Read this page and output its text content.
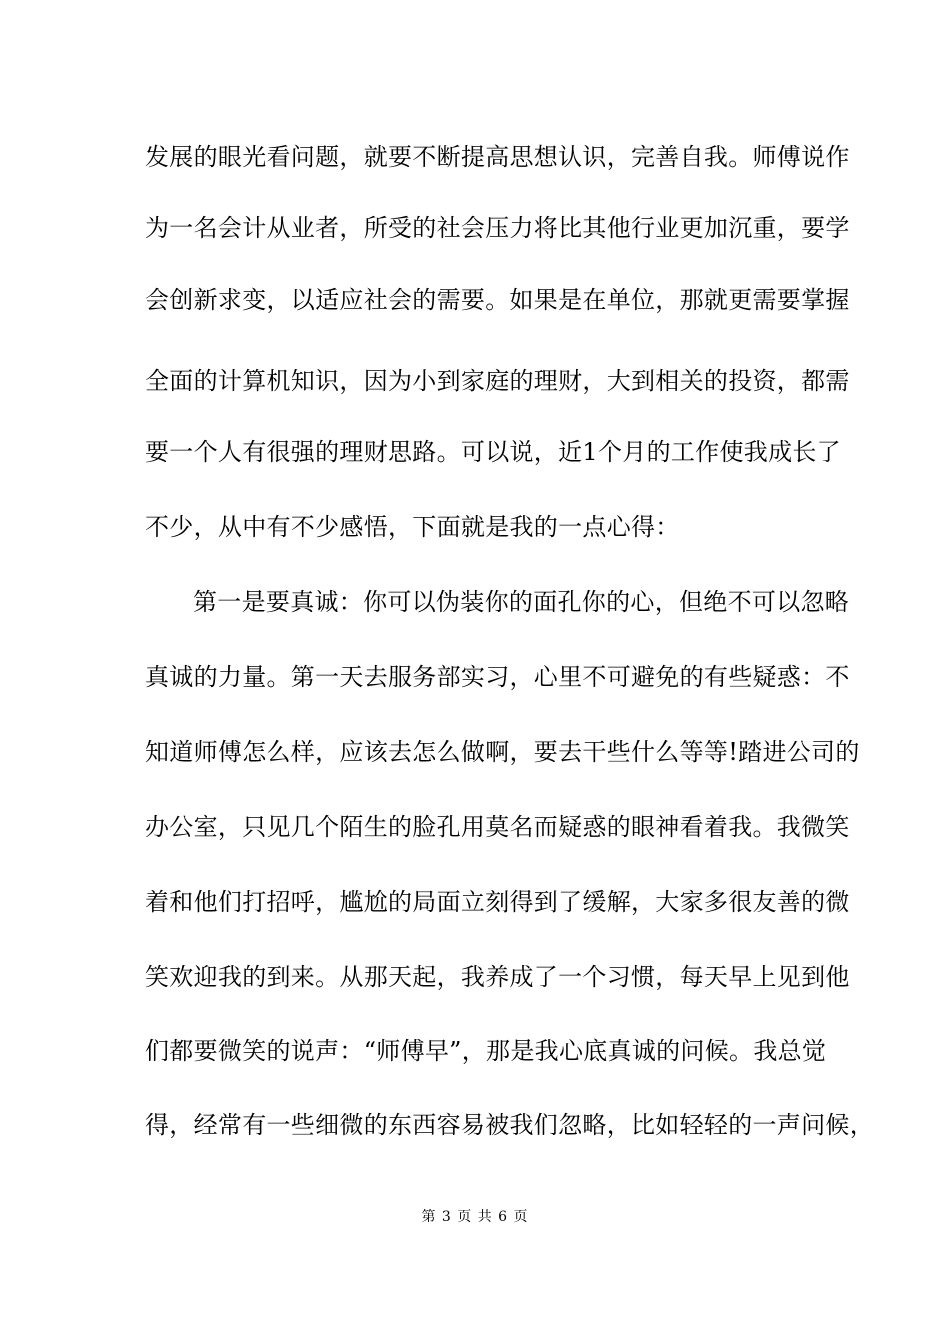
发展的眼光看问题，就要不断提高思想认识，完善自我。师傅说作
为一名会计从业者，所受的社会压力将比其他行业更加沉重，要学
会创新求变，以适应社会的需要。如果是在单位，那就更需要掌握
全面的计算机知识，因为小到家庭的理财，大到相关的投资，都需
要一个人有很强的理财思路。可以说，近1个月的工作使我成长了
不少，从中有不少感悟，下面就是我的一点心得：
第一是要真诚：你可以伪装你的面孔你的心，但绝不可以忽略
真诚的力量。第一天去服务部实习，心里不可避免的有些疑惑：不
知道师傅怎么样，应该去怎么做啊，要去干些什么等等!踏进公司的
办公室，只见几个陌生的脸孔用莫名而疑惑的眼神看着我。我微笑
着和他们打招呼，尴尬的局面立刻得到了缓解，大家多很友善的微
笑欢迎我的到来。从那天起，我养成了一个习惯，每天早上见到他
们都要微笑的说声：“师傅早”，那是我心底真诚的问候。我总觉
得，经常有一些细微的东西容易被我们忽略，比如轻轻的一声问候，
第 3 页 共 6 页
